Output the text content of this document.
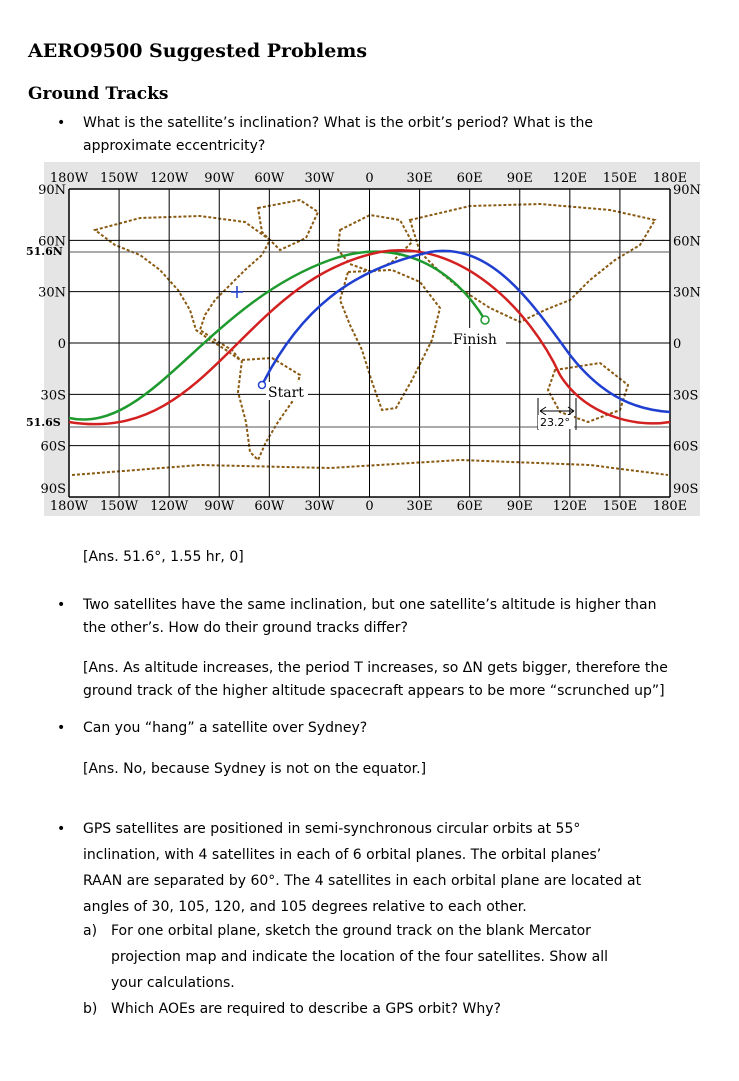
AERO9500 Suggested Problems
Ground Tracks
• What is the satellite’s inclination? What is the orbit’s period? What is the approximate eccentricity?
180W 150W 120W 90W 60W 30W 0	30E 60E 90E 120E 150E 180E
180W 150W 120W 90W 60W 30W 0	30E 60E 90E 120E 150E 180E
90N
60N
30N
0
30S
60S
90S
90N
60N
30N
0
30S
60S
90S
51.6N
51.6S
Start
Finish
23.2°
[Ans. 51.6°, 1.55 hr, 0]
• Two satellites have the same inclination, but one satellite’s altitude is higher than the other’s. How do their ground tracks differ?
[Ans. As altitude increases, the period T increases, so ΔN gets bigger, therefore the ground track of the higher altitude spacecraft appears to be more “scrunched up”]
• Can you “hang” a satellite over Sydney?
[Ans. No, because Sydney is not on the equator.]
• GPS satellites are positioned in semi-synchronous circular orbits at 55° inclination, with 4 satellites in each of 6 orbital planes. The orbital planes’ RAAN are separated by 60°. The 4 satellites in each orbital plane are located at angles of 30, 105, 120, and 105 degrees relative to each other.
a) For one orbital plane, sketch the ground track on the blank Mercator projection map and indicate the location of the four satellites. Show all your calculations.
b) Which AOEs are required to describe a GPS orbit? Why?
